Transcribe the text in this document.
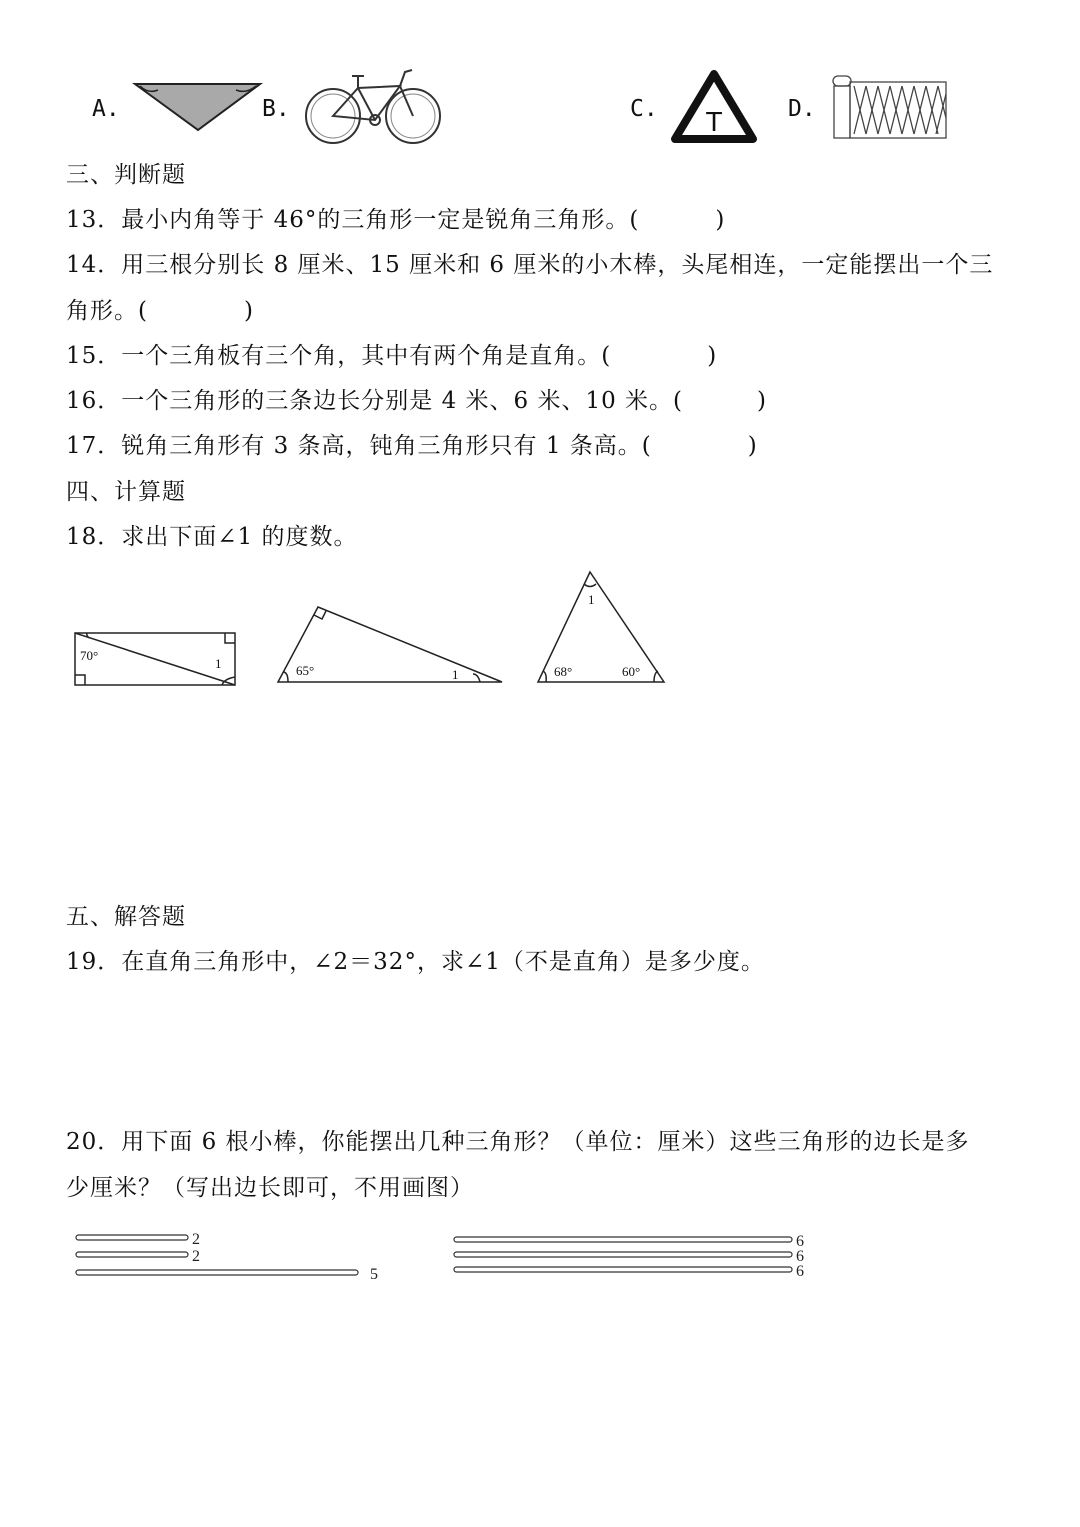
A.	B.	C. T	D.
三、判断题
13．最小内角等于 46°的三角形一定是锐角三角形。(	)
14．用三根分别长 8 厘米、15 厘米和 6 厘米的小木棒，头尾相连，一定能摆出一个三
角形。(	)
15．一个三角板有三个角，其中有两个角是直角。(	)
16．一个三角形的三条边长分别是 4 米、6 米、10 米。(	)
17．锐角三角形有 3 条高，钝角三角形只有 1 条高。(	)
四、计算题
18．求出下面∠1 的度数。
70°
1	65°	1
1
68°	60°
五、解答题
19．在直角三角形中，∠2＝32°，求∠1（不是直角）是多少度。
20．用下面 6 根小棒，你能摆出几种三角形？（单位：厘米）这些三角形的边长是多
少厘米？（写出边长即可，不用画图）
2
2
5
6
6
6
